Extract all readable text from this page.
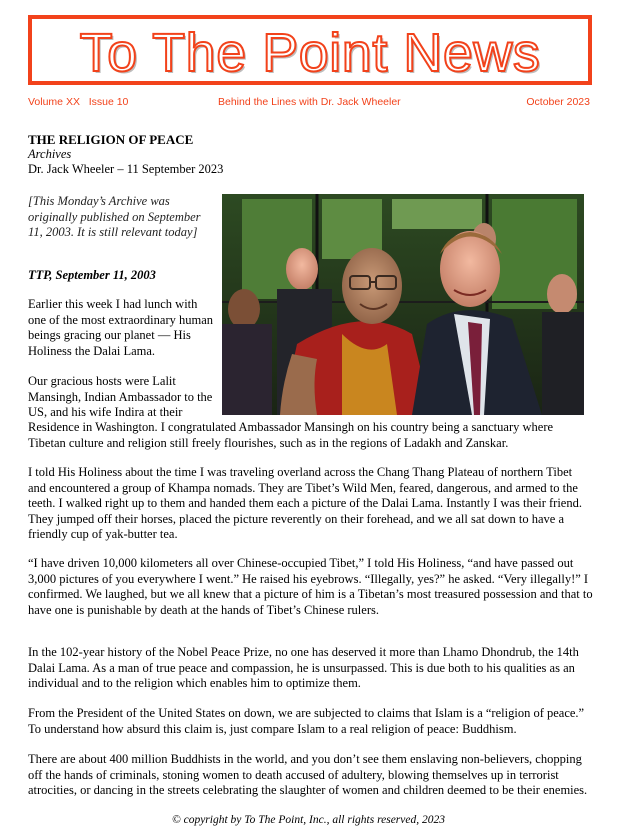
To The Point News
Volume XX   Issue 10	Behind the Lines with Dr. Jack Wheeler	October 2023
THE RELIGION OF PEACE
Archives
Dr. Jack Wheeler – 11 September 2023
[This Monday’s Archive was originally published on September 11, 2003. It is still relevant today]
TTP, September 11, 2003

Earlier this week I had lunch with one of the most extraordinary human beings gracing our planet — His Holiness the Dalai Lama.

Our gracious hosts were Lalit Mansingh, Indian Ambassador to the US, and his wife Indira at their

Residence in Washington. I congratulated Ambassador Mansingh on his country being a sanctuary where Tibetan culture and religion still freely flourishes, such as in the regions of Ladakh and Zanskar.

I told His Holiness about the time I was traveling overland across the Chang Thang Plateau of northern Tibet and encountered a group of Khampa nomads. They are Tibet’s Wild Men, feared, dangerous, and armed to the teeth. I walked right up to them and handed them each a picture of the Dalai Lama. Instantly I was their friend. They jumped off their horses, placed the picture reverently on their forehead, and we all sat down to have a friendly cup of yak-butter tea.

“I have driven 10,000 kilometers all over Chinese-occupied Tibet,” I told His Holiness, “and have passed out 3,000 pictures of you everywhere I went.” He raised his eyebrows. “Illegally, yes?” he asked. “Very illegally!” I confirmed. We laughed, but we all knew that a picture of him is a Tibetan’s most treasured possession and that to have one is punishable by death at the hands of Tibet’s Chinese rulers.

In the 102-year history of the Nobel Peace Prize, no one has deserved it more than Lhamo Dhondrub, the 14th Dalai Lama. As a man of true peace and compassion, he is unsurpassed. This is due both to his qualities as an individual and to the religion which enables him to optimize them.

From the President of the United States on down, we are subjected to claims that Islam is a “religion of peace.” To understand how absurd this claim is, just compare Islam to a real religion of peace: Buddhism.

There are about 400 million Buddhists in the world, and you don’t see them enslaving non-believers, chopping off the hands of criminals, stoning women to death accused of adultery, blowing themselves up in terrorist atrocities, or dancing in the streets celebrating the slaughter of women and children deemed to be their enemies.

© copyright by To The Point, Inc., all rights reserved, 2023
